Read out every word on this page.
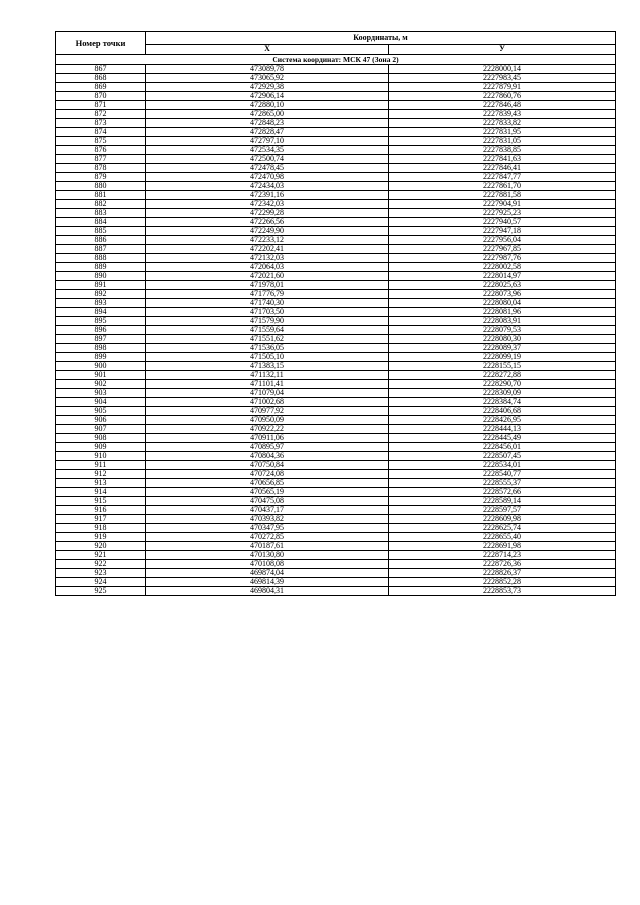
Номер точки	Координаты, м	
	X	У
Система координат: МСК 47 (Зона 2)		
867	473089,78	2228000,14
868	473065,92	2227983,45
869	472929,38	2227879,91
870	472906,14	2227860,76
871	472880,10	2227846,48
872	472865,00	2227839,43
873	472848,23	2227833,82
874	472828,47	2227831,95
875	472797,10	2227831,05
876	472534,35	2227838,85
877	472500,74	2227841,63
878	472478,45	2227846,41
879	472470,98	2227847,77
880	472434,03	2227861,70
881	472391,16	2227881,58
882	472342,03	2227904,91
883	472299,28	2227925,23
884	472266,56	2227940,57
885	472249,90	2227947,18
886	472233,12	2227956,04
887	472202,41	2227967,85
888	472132,03	2227987,76
889	472064,03	2228002,58
890	472021,60	2228014,97
891	471978,01	2228025,63
892	471776,79	2228073,96
893	471740,30	2228080,04
894	471703,50	2228081,96
895	471579,90	2228083,91
896	471559,64	2228079,53
897	471551,62	2228080,30
898	471536,05	2228089,37
899	471505,10	2228099,19
900	471383,15	2228155,15
901	471132,11	2228272,88
902	471101,41	2228290,70
903	471079,04	2228309,09
904	471002,68	2228384,74
905	470977,92	2228406,68
906	470950,09	2228426,95
907	470922,22	2228444,13
908	470911,06	2228445,49
909	470895,97	2228456,01
910	470804,36	2228507,45
911	470750,84	2228534,01
912	470724,08	2228540,77
913	470656,85	2228555,37
914	470565,19	2228572,66
915	470475,08	2228589,14
916	470437,17	2228597,57
917	470393,82	2228609,98
918	470347,95	2228625,74
919	470272,85	2228655,40
920	470187,61	2228691,98
921	470130,80	2228714,23
922	470108,08	2228726,36
923	469874,04	2228826,37
924	469814,39	2228852,28
925	469804,31	2228853,73
